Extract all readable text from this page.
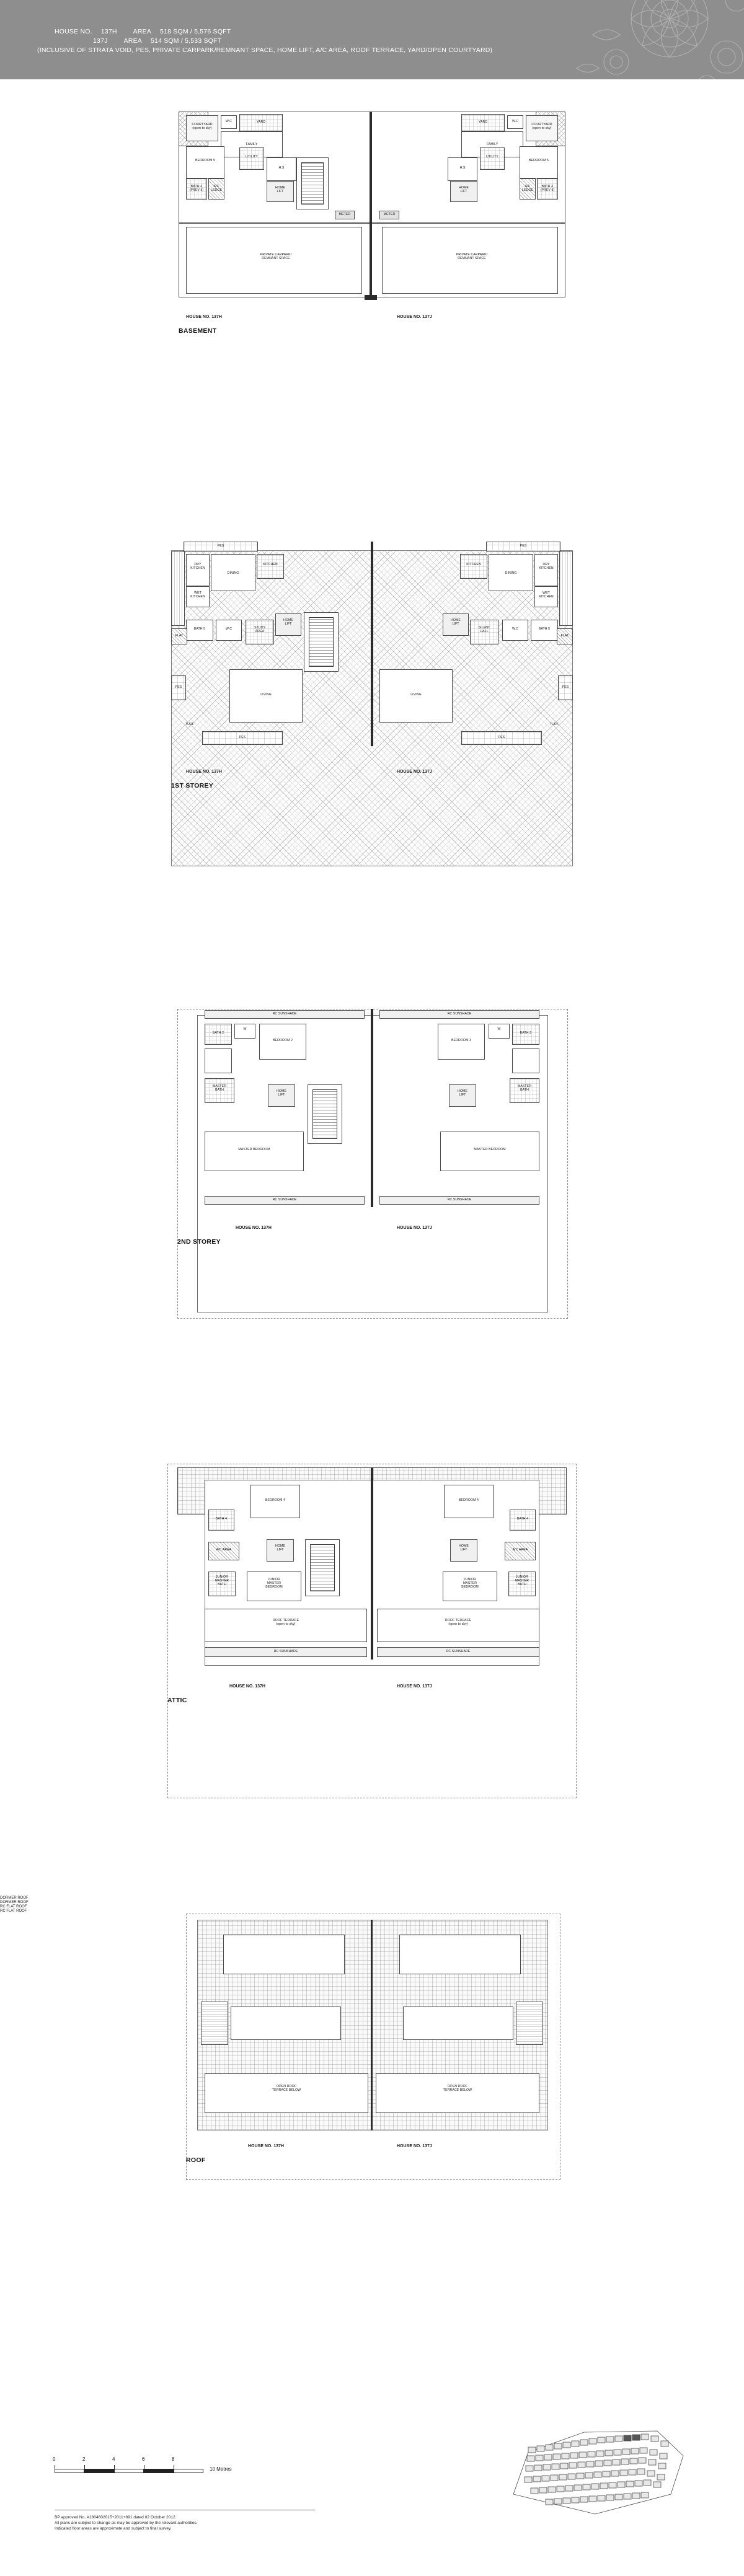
HOUSE NO. 137H AREA 518 SQM / 5,576 SQFT
137J AREA 514 SQM / 5,533 SQFT
(INCLUSIVE OF STRATA VOID, PES, PRIVATE CARPARK/REMNANT SPACE, HOME LIFT, A/C AREA, ROOF TERRACE, YARD/OPEN COURTYARD)
COURTYARD
(open to sky)
W.C	YARD
FAMILY
UTILITY
H.S
HOME
LIFT
BEDROOM 5
BATH 4
(PREV 5)
A/C
LEDGE
COURTYARD
(open to sky)
W.C
YARD
FAMILY
UTILITY
H.S
HOME
LIFT
BEDROOM 5
BATH 4
(PREV 5)
A/C
LEDGE
METER	METER
PRIVATE CARPARK/
REMNANT SPACE
PRIVATE CARPARK/
REMNANT SPACE
HOUSE NO. 137H	HOUSE NO. 137J
BASEMENT
PES	PES
DRY
KITCHEN
WET
KITCHEN
DINING
KITCHEN
BATH 5	W.C
FLAT
STUDY
AREA
HOME
LIFT
LIVING
DRY
KITCHEN
WET
KITCHEN
DINING
KITCHEN
BATH 5
W.C
FLAT
SILENT
HALL
HOME
LIFT
LIVING
PES	PES
PES	PES
TURF	TURF
HOUSE NO. 137H	HOUSE NO. 137J
1ST STOREY
RC SUNSHADE	RC SUNSHADE
BATH 2
W
BEDROOM 2
MASTER
BATH	HOME
LIFT
MASTER BEDROOM
BATH 3
W
BEDROOM 3
MASTER
BATH
HOME
LIFT
MASTER BEDROOM
RC SUNSHADE	RC SUNSHADE
HOUSE NO. 137H	HOUSE NO. 137J
2ND STOREY
BEDROOM 4
BATH 4
A/C AREA
HOME
LIFT
JUNIOR
MASTER
BATH
JUNIOR
MASTER
BEDROOM
ROOF TERRACE
(open to sky)
RC SUNSHADE
BEDROOM 4
BATH 4
A/C AREA
HOME
LIFT
JUNIOR
MASTER
BATH
JUNIOR
MASTER
BEDROOM
ROOF TERRACE
(open to sky)
RC SUNSHADE
HOUSE NO. 137H	HOUSE NO. 137J
ATTIC
DORMER ROOF
DORMER ROOF
RC FLAT ROOF
RC FLAT ROOF
OPEN ROOF
TERRACE BELOW
OPEN ROOF
TERRACE BELOW
HOUSE NO. 137H	HOUSE NO. 137J
ROOF
0	2	4	6	8
10 Metres
BP approved No. A1804602015+2011+891 dated 02 October 2012.
All plans are subject to change as may be approved by the relevant authorities.
Indicated floor areas are approximate and subject to final survey.
